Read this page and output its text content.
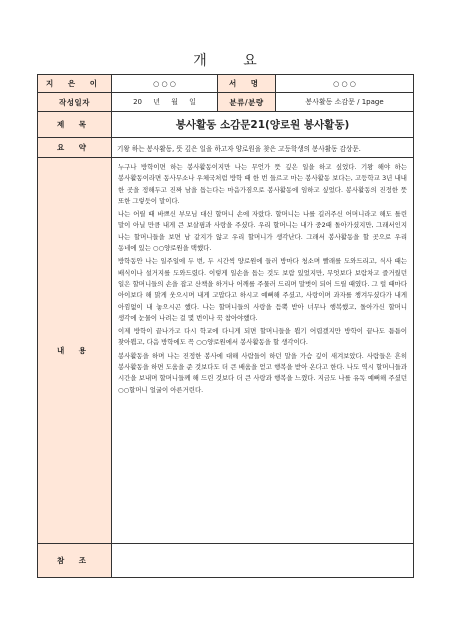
개 요
지 은 이	○ ○ ○	서 명	○ ○ ○
작성일자	20 년 월 일	분류/분량	봉사활동 소감문 / 1page
제 목	봉사활동 소감문21(양로원 봉사활동)		
요 약	기왕 하는 봉사활동, 뜻 깊은 일을 하고자 양로원을 찾은 고등학생의 봉사활동 감상문.		
내 용	누구나 방학이면 하는 봉사활동이지만 나는 무언가 뜻 깊은 일을 하고 싶었다. 기왕 해야 하는 봉사활동이라면 동사무소나 우체국처럼 방학 때 한 번 들르고 마는 봉사활동 보다는, 고등학교 3년 내내 한 곳을 정해두고 진짜 남을 돕는다는 마음가짐으로 봉사활동에 임하고 싶었다. 봉사활동의 진정한 뜻 또한 그렇듯이 말이다.

나는 어릴 때 바쁘신 부모님 대신 할머니 손에 자랐다. 할머니는 나를 길러주신 어머니라고 해도 틀린 말이 아닐 만큼 내게 큰 보살핌과 사랑을 주셨다. 우리 할머니는 내가 중2때 돌아가셨지만, 그래서인지 나는 할머니들을 보면 남 같지가 않고 우리 할머니가 생각난다. 그래서 봉사활동을 할 곳으로 우리 동네에 있는 ○○양로원을 택했다.

방학동안 나는 일주일에 두 번, 두 시간씩 양로원에 들러 방마다 청소며 빨래를 도와드리고, 식사 때는 배식이나 설거지를 도와드렸다. 이렇게 일손을 돕는 것도 보람 있었지만, 무엇보다 보람차고 즐거웠던 일은 할머니들의 손을 잡고 산책을 하거나 어깨를 주물러 드리며 말벗이 되어 드릴 때였다. 그 럴 때마다 아이보다 해 맑게 웃으시며 내게 고맙다고 하시고 예뻐해 주셨고, 사랑이며 과자를 챙겨두셨다가 내게 아낌없이 내 놓으시곤 했다. 나는 할머니들의 사랑을 듬뿍 받아 너무나 행복했고, 돌아가신 할머니 생각에 눈물이 나려는 걸 몇 번이나 꾹 참아야했다.

이제 방학이 끝나가고 다시 학교에 다니게 되면 할머니들을 뵙기 어렵겠지만 방학이 끝나도 틈틈이 찾아뵙고, 다음 방학에도 꼭 ○○양로원에서 봉사활동을 할 생각이다.

봉사활동을 하며 나는 진정한 봉사에 대해 사람들이 하던 말을 가슴 깊이 새겨보았다. 사람들은 흔히 봉사활동을 하면 도움을 준 것보다도 더 큰 배움을 얻고 행복을 받아 온다고 한다. 나도 역시 할머니들과 시간을 보내며 할머니들께 해 드린 것보다 더 큰 사랑과 행복을 느꼈다. 지금도 나를 유독 예뻐해 주셨던 ○○할머니 얼굴이 아른거린다.		

참 조			
